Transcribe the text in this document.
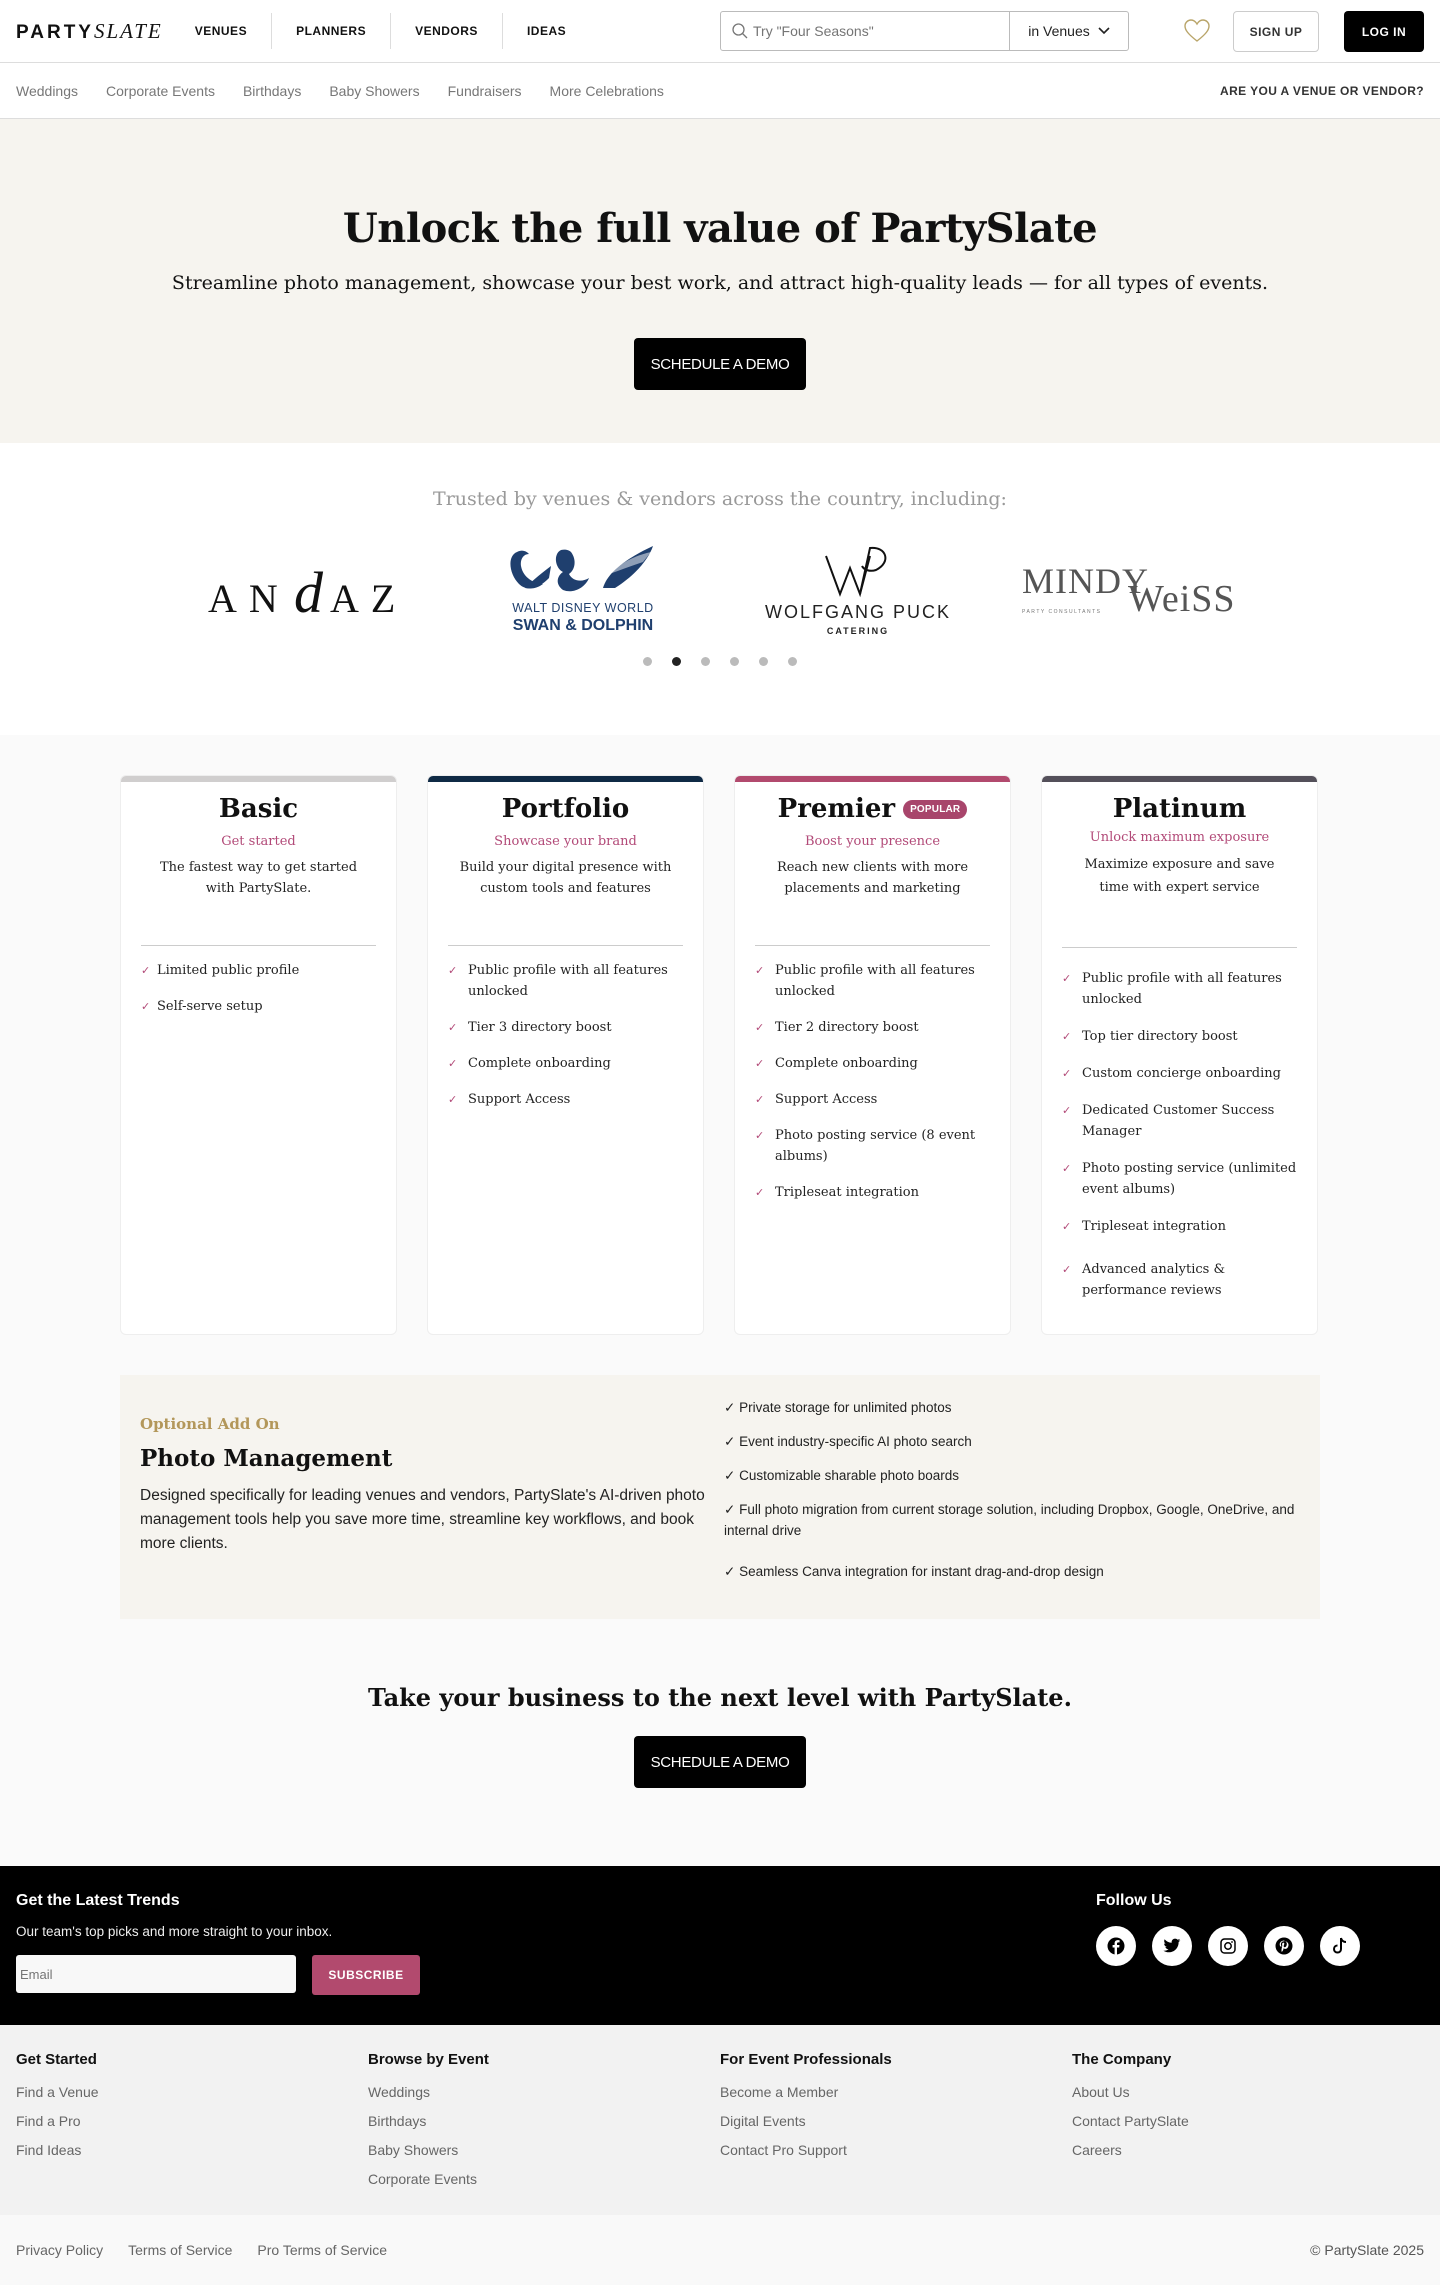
PARTY SLATE	VENUES	PLANNERS	VENDORS	IDEAS
Try "Four Seasons"	in Venues	SIGN UP	LOG IN
Weddings Corporate Events Birthdays Baby Showers Fundraisers More Celebrations	ARE YOU A VENUE OR VENDOR?
Unlock the full value of PartySlate

Streamline photo management, showcase your best work, and attract high-quality leads — for all types of events.

SCHEDULE A DEMO
Trusted by venues & vendors across the country, including:
AN d AZ	WALT DISNEY WORLD
SWAN & DOLPHIN
WOLFGANG PUCK
CATERING
MINDY
WeiSS
PARTY CONSULTANTS
Basic
Get started
The fastest way to get started with PartySlate.
✓ Limited public profile
✓ Self-serve setup
Portfolio
Showcase your brand
Build your digital presence with custom tools and features
✓ Public profile with all features unlocked
✓ Tier 3 directory boost
✓ Complete onboarding
✓ Support Access
Premier	POPULAR
Boost your presence
Reach new clients with more placements and marketing
✓ Public profile with all features unlocked
✓ Tier 2 directory boost
✓ Complete onboarding
✓ Support Access
✓ Photo posting service (8 event albums)
✓ Tripleseat integration
Platinum
Unlock maximum exposure
Maximize exposure and save time with expert service
✓ Public profile with all features unlocked
✓ Top tier directory boost
✓ Custom concierge onboarding
✓ Dedicated Customer Success Manager
✓ Photo posting service (unlimited event albums)
✓ Tripleseat integration
✓ Advanced analytics & performance reviews
Optional Add On
Photo Management

Designed specifically for leading venues and vendors, PartySlate's AI-driven photo management tools help you save more time, streamline key workflows, and book more clients.

✓ Private storage for unlimited photos
✓ Event industry-specific AI photo search
✓ Customizable sharable photo boards
✓ Full photo migration from current storage solution, including Dropbox, Google, OneDrive, and internal drive
✓ Seamless Canva integration for instant drag-and-drop design
Take your business to the next level with PartySlate.
SCHEDULE A DEMO
Get the Latest Trends

Our team's top picks and more straight to your inbox.

Email
SUBSCRIBE
Follow Us
Get Started
Find a Venue
Find a Pro
Find Ideas
Browse by Event
Weddings
Birthdays
Baby Showers
Corporate Events
For Event Professionals
Become a Member
Digital Events
Contact Pro Support
The Company
About Us
Contact PartySlate
Careers
Privacy Policy Terms of Service Pro Terms of Service	© PartySlate 2025
